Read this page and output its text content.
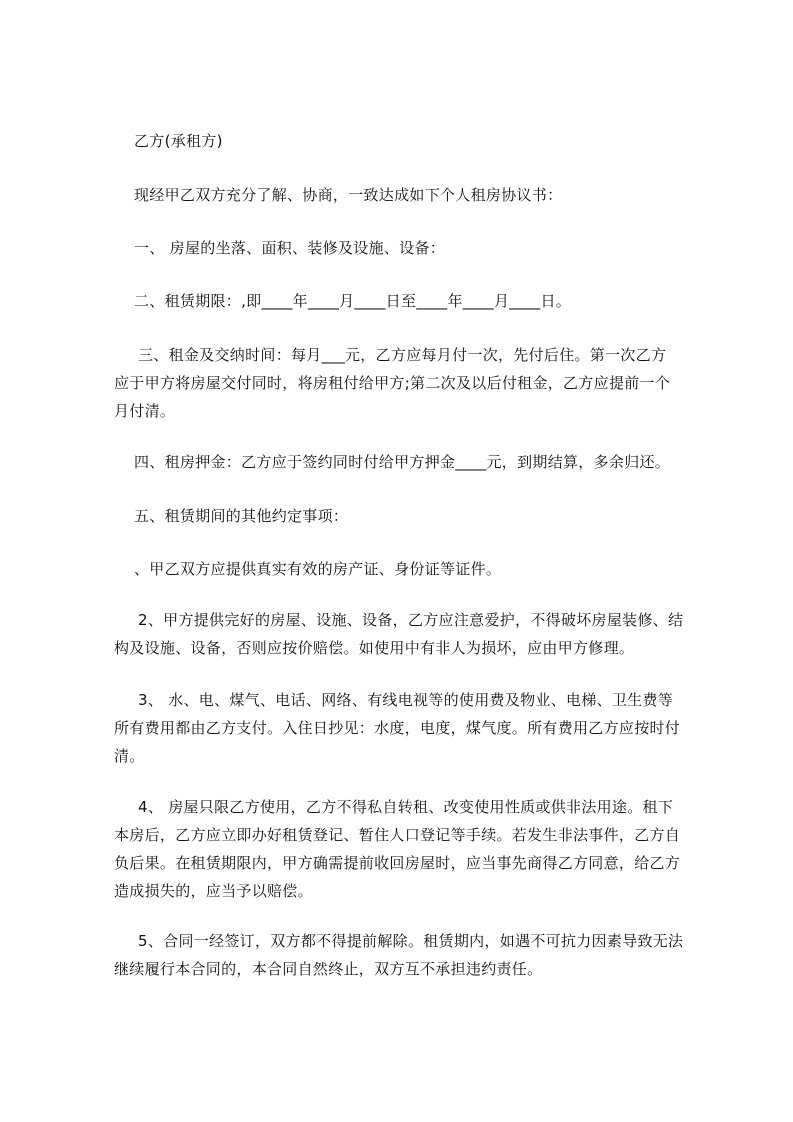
乙方(承租方)

现经甲乙双方充分了解、协商，一致达成如下个人租房协议书：

一、 房屋的坐落、面积、装修及设施、设备：

二、租赁期限：,即____年____月____日至____年____月____日。

三、租金及交纳时间：每月___元，乙方应每月付一次，先付后住。第一次乙方
应于甲方将房屋交付同时，将房租付给甲方;第二次及以后付租金，乙方应提前一个
月付清。

四、租房押金：乙方应于签约同时付给甲方押金____元，到期结算，多余归还。

五、租赁期间的其他约定事项：

、甲乙双方应提供真实有效的房产证、身份证等证件。

2、甲方提供完好的房屋、设施、设备，乙方应注意爱护，不得破坏房屋装修、结
构及设施、设备，否则应按价赔偿。如使用中有非人为损坏，应由甲方修理。

3、 水、电、煤气、电话、网络、有线电视等的使用费及物业、电梯、卫生费等
所有费用都由乙方支付。入住日抄见：水度，电度，煤气度。所有费用乙方应按时付
清。

4、 房屋只限乙方使用，乙方不得私自转租、改变使用性质或供非法用途。租下
本房后，乙方应立即办好租赁登记、暂住人口登记等手续。若发生非法事件，乙方自
负后果。在租赁期限内，甲方确需提前收回房屋时，应当事先商得乙方同意，给乙方
造成损失的，应当予以赔偿。

5、合同一经签订，双方都不得提前解除。租赁期内，如遇不可抗力因素导致无法
继续履行本合同的，本合同自然终止，双方互不承担违约责任。
